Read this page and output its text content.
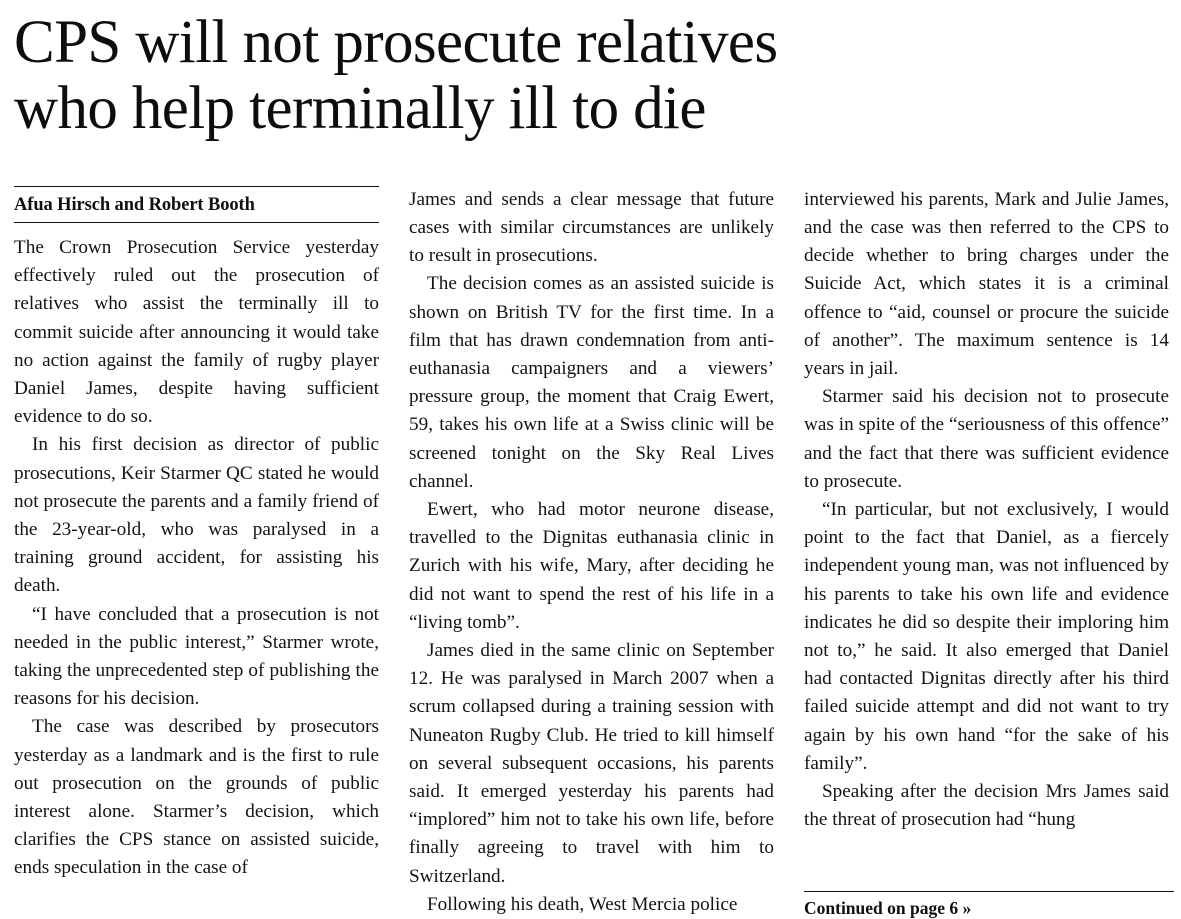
CPS will not prosecute relatives
who help terminally ill to die
Afua Hirsch and Robert Booth

The Crown Prosecution Service yesterday effectively ruled out the prosecution of relatives who assist the terminally ill to commit suicide after announcing it would take no action against the family of rugby player Daniel James, despite having sufficient evidence to do so.

In his first decision as director of public prosecutions, Keir Starmer QC stated he would not prosecute the parents and a family friend of the 23-year-old, who was paralysed in a training ground accident, for assisting his death.

“I have concluded that a prosecution is not needed in the public interest,” Starmer wrote, taking the unprecedented step of publishing the reasons for his decision.

The case was described by prosecutors yesterday as a landmark and is the first to rule out prosecution on the grounds of public interest alone. Starmer’s decision, which clarifies the CPS stance on assisted suicide, ends speculation in the case of

James and sends a clear message that future cases with similar circumstances are unlikely to result in prosecutions.

The decision comes as an assisted suicide is shown on British TV for the first time. In a film that has drawn condemnation from anti-euthanasia campaigners and a viewers’ pressure group, the moment that Craig Ewert, 59, takes his own life at a Swiss clinic will be screened tonight on the Sky Real Lives channel.

Ewert, who had motor neurone disease, travelled to the Dignitas euthanasia clinic in Zurich with his wife, Mary, after deciding he did not want to spend the rest of his life in a “living tomb”.

James died in the same clinic on September 12. He was paralysed in March 2007 when a scrum collapsed during a training session with Nuneaton Rugby Club. He tried to kill himself on several subsequent occasions, his parents said. It emerged yesterday his parents had “implored” him not to take his own life, before finally agreeing to travel with him to Switzerland.

Following his death, West Mercia police

interviewed his parents, Mark and Julie James, and the case was then referred to the CPS to decide whether to bring charges under the Suicide Act, which states it is a criminal offence to “aid, counsel or procure the suicide of another”. The maximum sentence is 14 years in jail.

Starmer said his decision not to prosecute was in spite of the “seriousness of this offence” and the fact that there was sufficient evidence to prosecute.

“In particular, but not exclusively, I would point to the fact that Daniel, as a fiercely independent young man, was not influenced by his parents to take his own life and evidence indicates he did so despite their imploring him not to,” he said. It also emerged that Daniel had contacted Dignitas directly after his third failed suicide attempt and did not want to try again by his own hand “for the sake of his family”.

Speaking after the decision Mrs James said the threat of prosecution had “hung

Continued on page 6 »
